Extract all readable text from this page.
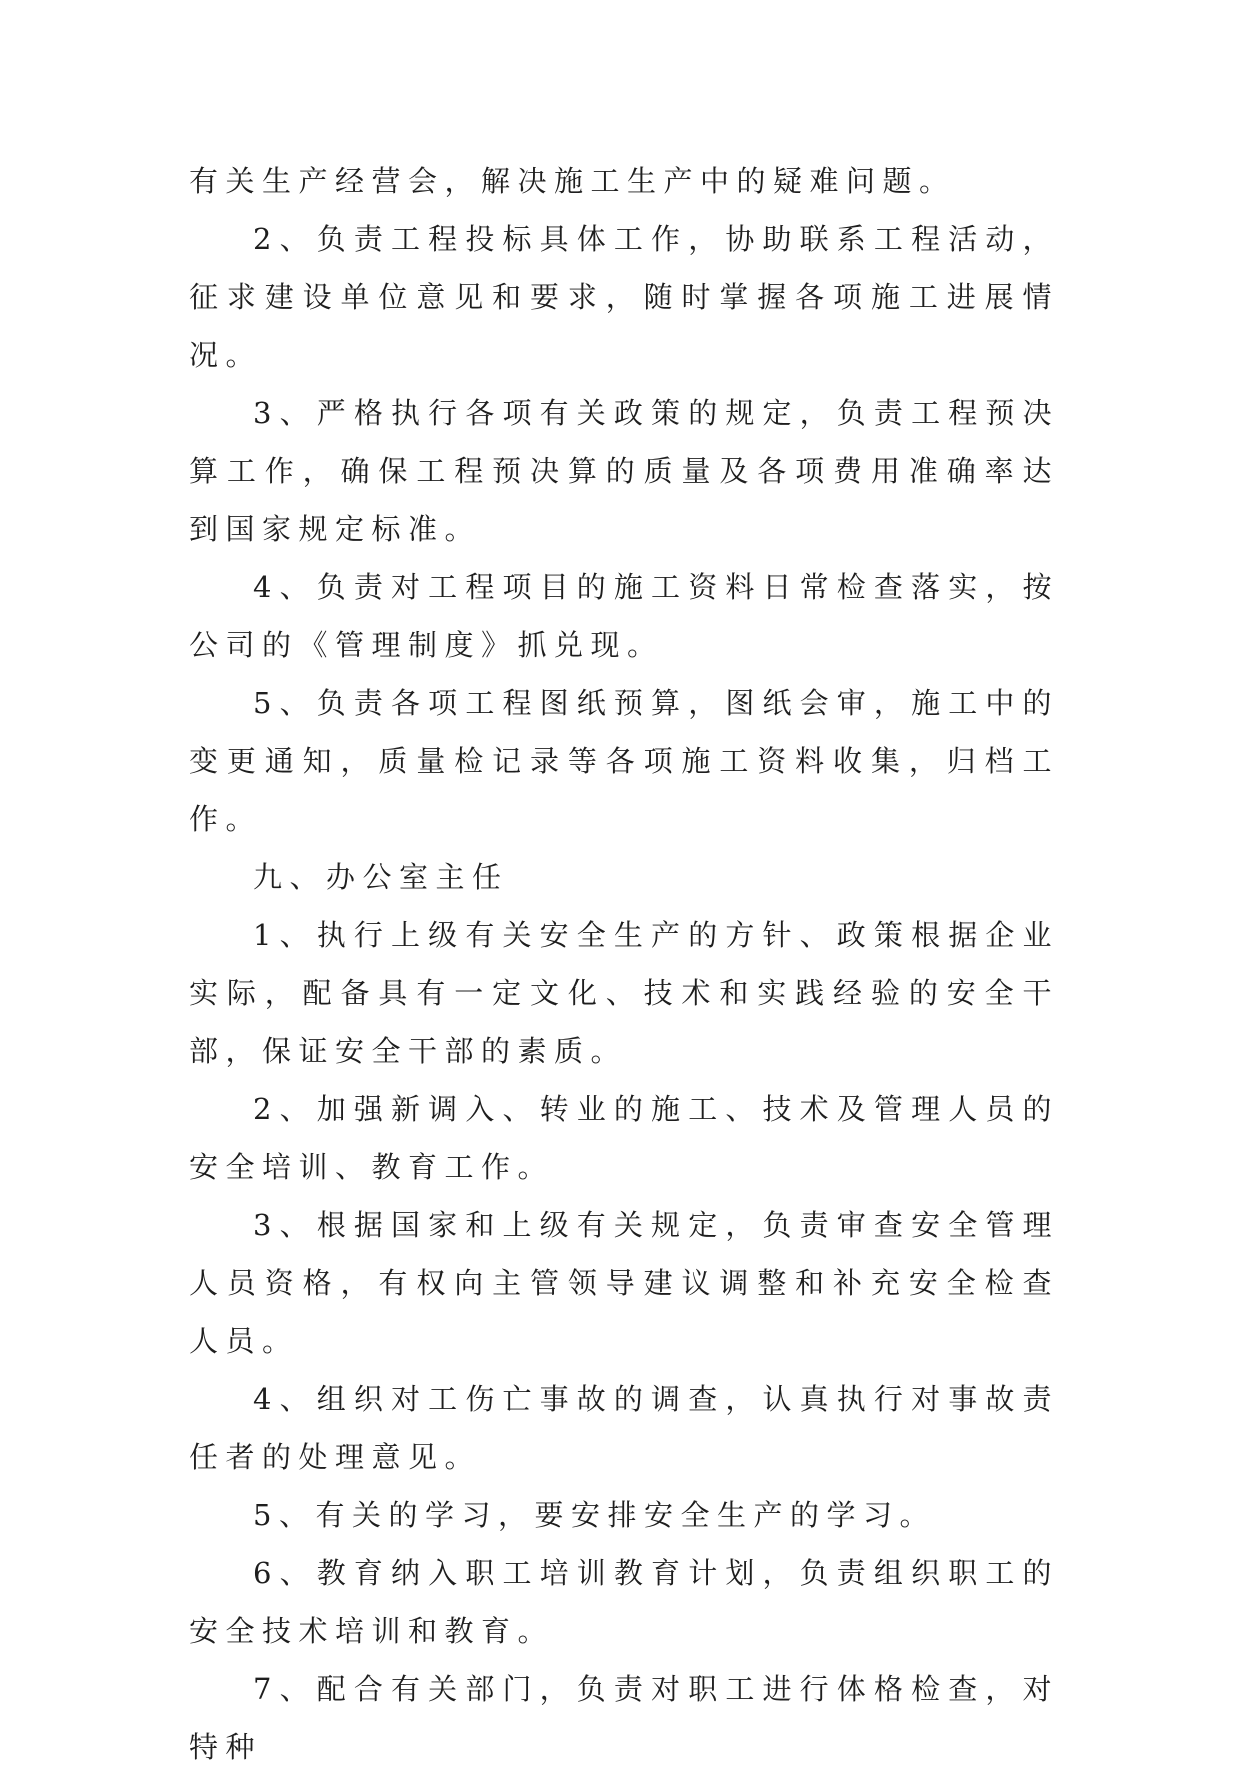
有关生产经营会，解决施工生产中的疑难问题。

2、负责工程投标具体工作，协助联系工程活动，征求建设单位意见和要求，随时掌握各项施工进展情况。

3、严格执行各项有关政策的规定，负责工程预决算工作，确保工程预决算的质量及各项费用准确率达到国家规定标准。

4、负责对工程项目的施工资料日常检查落实，按公司的《管理制度》抓兑现。

5、负责各项工程图纸预算，图纸会审，施工中的变更通知，质量检记录等各项施工资料收集，归档工作。

九、办公室主任

1、执行上级有关安全生产的方针、政策根据企业实际，配备具有一定文化、技术和实践经验的安全干部，保证安全干部的素质。

2、加强新调入、转业的施工、技术及管理人员的安全培训、教育工作。

3、根据国家和上级有关规定，负责审查安全管理人员资格，有权向主管领导建议调整和补充安全检查人员。

4、组织对工伤亡事故的调查，认真执行对事故责任者的处理意见。

5、有关的学习，要安排安全生产的学习。

6、教育纳入职工培训教育计划，负责组织职工的安全技术培训和教育。

7、配合有关部门，负责对职工进行体格检查，对特种
